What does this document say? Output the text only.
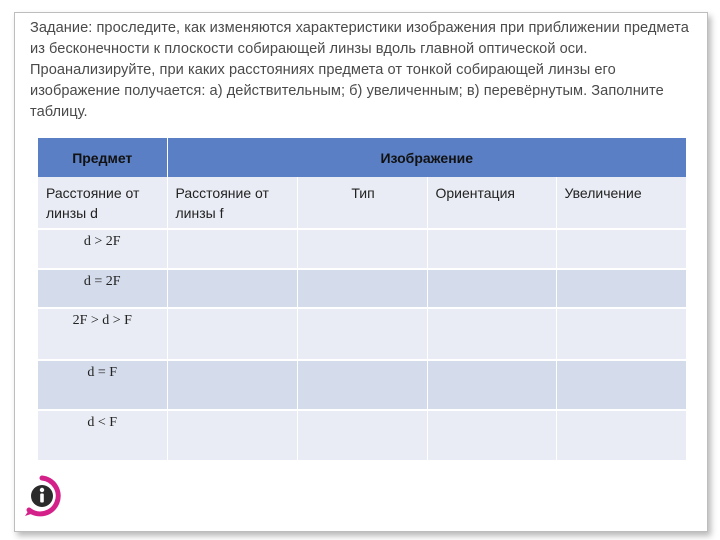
Задание: проследите, как изменяются характеристики изображения при приближении предмета из бесконечности к плоскости собирающей линзы вдоль главной оптической оси. Проанализируйте, при каких расстояниях предмета от тонкой собирающей линзы его изображение получается: а) действительным; б) увеличенным; в) перевёрнутым. Заполните таблицу.
Предмет	Изображение			
Расстояние от линзы d	Расстояние от линзы f	Тип	Ориентация	Увеличение
d > 2F				
d = 2F				
2F > d > F				
d = F				
d < F				
